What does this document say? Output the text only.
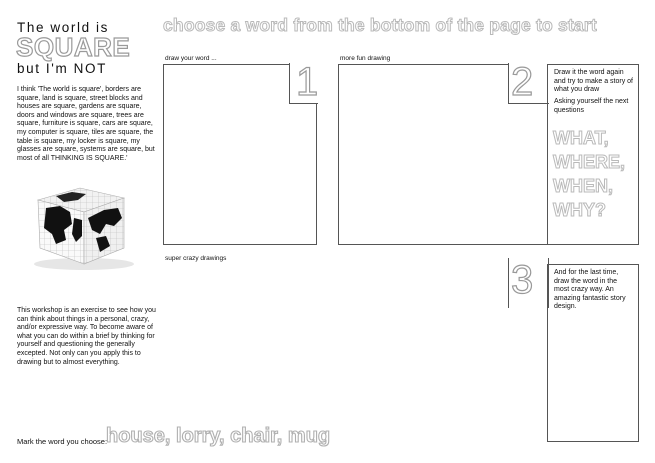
The world is
SQUARE
but I'm NOT
I think 'The world is square', borders are square, land is square, street blocks and houses are square, gardens are square, doors and windows are square, trees are square, furniture is square, cars are square, my computer is square, tiles are square, the table is square, my locker is square, my glasses are square, systems are square, but most of all THINKING IS SQUARE.'
This workshop is an exercise to see how you can think about things in a personal, crazy, and/or expressive way. To become aware of what you can do within a brief by thinking for yourself and questioning the generally excepted. Not only can you apply this to drawing but to almost everything.
choose a word from the bottom of the page to start
draw your word ...
1
more fun drawing
2	Draw it the word again and try to make a story of what you draw
Asking yourself the next questions
WHAT,
WHERE,
WHEN,
WHY?
super crazy drawings	3	And for the last time, draw the word in the most crazy way. An amazing fantastic story design.
Mark the word you choose:
house, lorry, chair, mug
